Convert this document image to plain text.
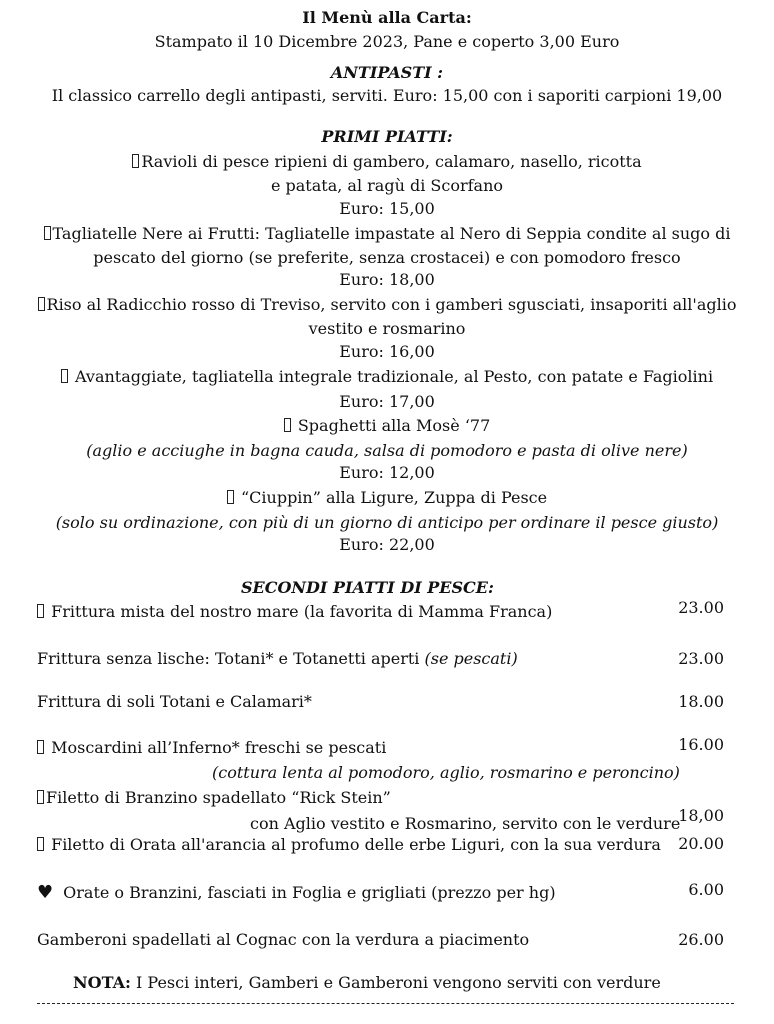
Il Menù alla Carta:
Stampato il 10 Dicembre 2023, Pane e coperto 3,00 Euro
ANTIPASTI :
Il classico carrello degli antipasti, serviti. Euro: 15,00 con i saporiti carpioni 19,00
PRIMI PIATTI:
Ravioli di pesce ripieni di gambero, calamaro, nasello, ricotta
e patata, al ragù di Scorfano
Euro: 15,00
Tagliatelle Nere ai Frutti: Tagliatelle impastate al Nero di Seppia condite al sugo di
pescato del giorno (se preferite, senza crostacei) e con pomodoro fresco
Euro: 18,00
Riso al Radicchio rosso di Treviso, servito con i gamberi sgusciati, insaporiti all'aglio
vestito e rosmarino
Euro: 16,00
Avantaggiate, tagliatella integrale tradizionale, al Pesto, con patate e Fagiolini
Euro: 17,00
Spaghetti alla Mosè ‘77
(aglio e acciughe in bagna cauda, salsa di pomodoro e pasta di olive nere)
Euro: 12,00
“Ciuppin” alla Ligure, Zuppa di Pesce
(solo su ordinazione, con più di un giorno di anticipo per ordinare il pesce giusto)
Euro: 22,00
SECONDI PIATTI DI PESCE:
Frittura mista del nostro mare (la favorita di Mamma Franca)	23.00
Frittura senza lische: Totani* e Totanetti aperti (se pescati)	23.00
Frittura di soli Totani e Calamari*	18.00
Moscardini all’Inferno* freschi se pescati	16.00
(cottura lenta al pomodoro, aglio, rosmarino e peroncino)
Filetto di Branzino spadellato “Rick Stein”
con Aglio vestito e Rosmarino, servito con le verdure
18,00
Filetto di Orata all'arancia al profumo delle erbe Liguri, con la sua verdura 20.00
♥ Orate o Branzini, fasciati in Foglia e grigliati (prezzo per hg)	6.00
Gamberoni spadellati al Cognac con la verdura a piacimento	26.00
NOTA: I Pesci interi, Gamberi e Gamberoni vengono serviti con verdure
